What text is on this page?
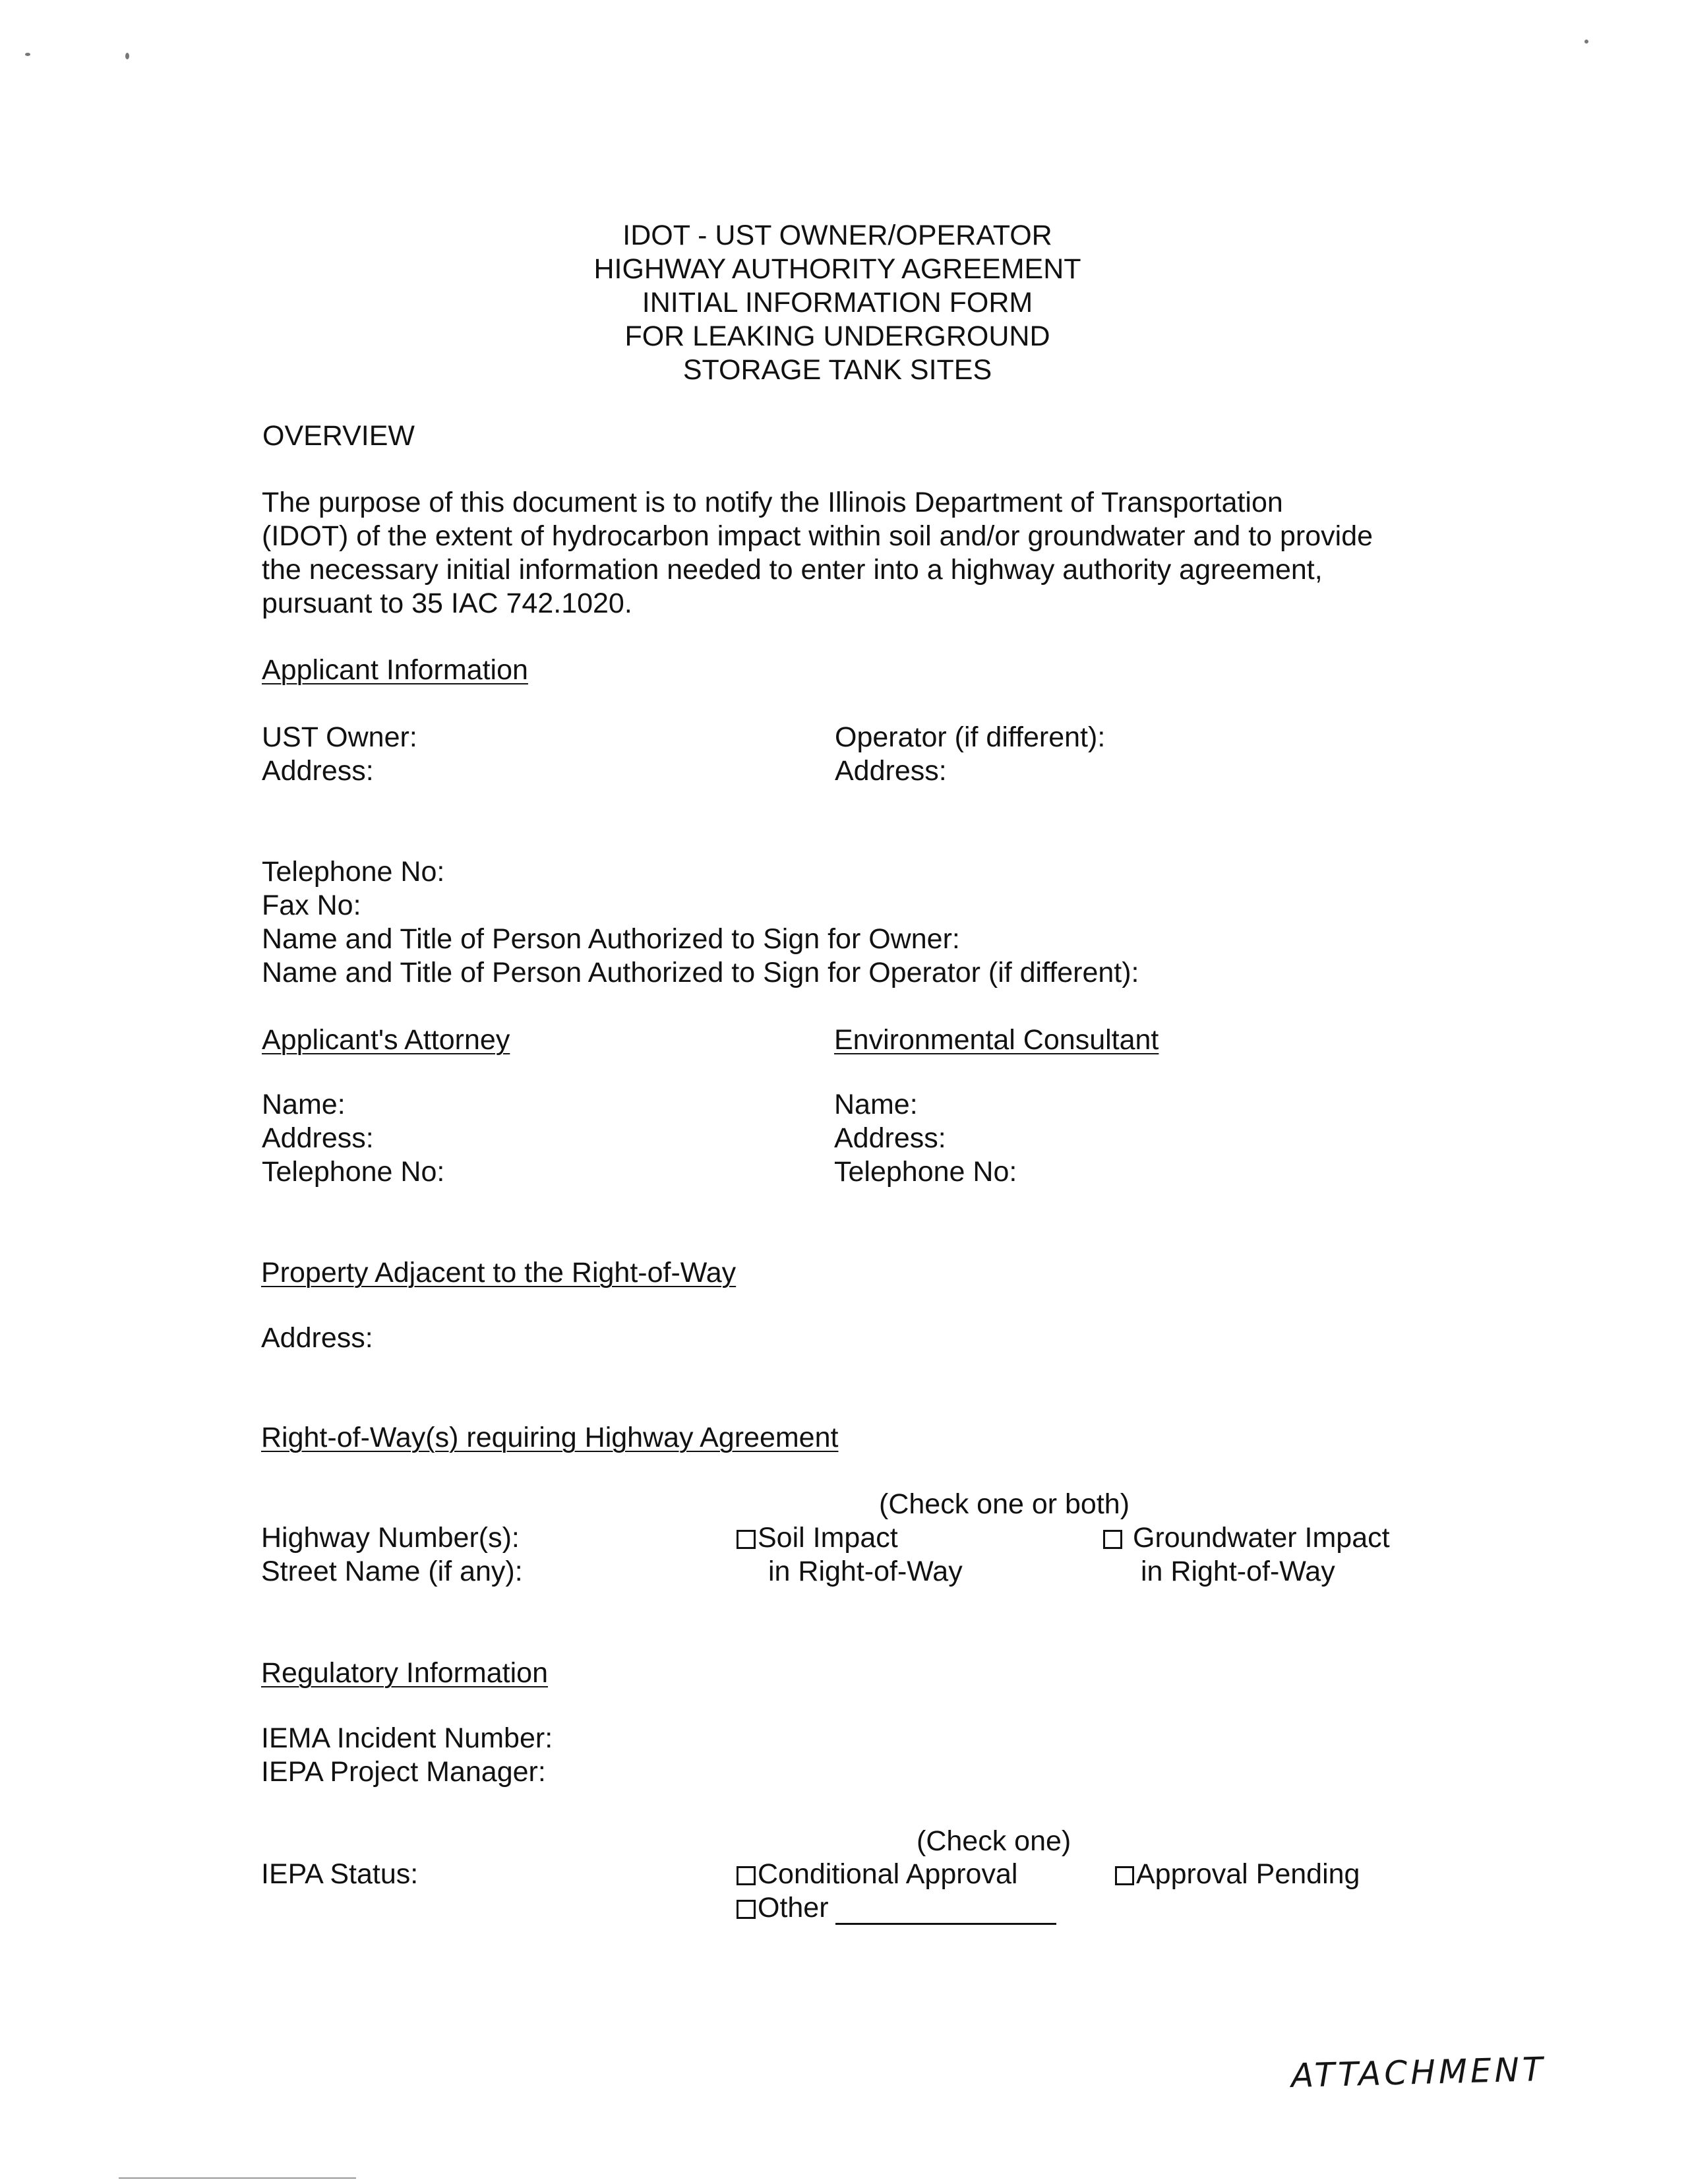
IDOT - UST OWNER/OPERATOR
HIGHWAY AUTHORITY AGREEMENT
INITIAL INFORMATION FORM
FOR LEAKING UNDERGROUND
STORAGE TANK SITES
OVERVIEW
The purpose of this document is to notify the Illinois Department of Transportation
(IDOT) of the extent of hydrocarbon impact within soil and/or groundwater and to provide
the necessary initial information needed to enter into a highway authority agreement,
pursuant to 35 IAC 742.1020.
Applicant Information
UST Owner:
Address:
Operator (if different):
Address:
Telephone No:
Fax No:
Name and Title of Person Authorized to Sign for Owner:
Name and Title of Person Authorized to Sign for Operator (if different):
Applicant's Attorney	Environmental Consultant
Name:
Address:
Telephone No:
Name:
Address:
Telephone No:
Property Adjacent to the Right-of-Way
Address:
Right-of-Way(s) requiring Highway Agreement
(Check one or both)
Highway Number(s):
Street Name (if any):
Soil Impact
in Right-of-Way
Groundwater Impact
in Right-of-Way
Regulatory Information
IEMA Incident Number:
IEPA Project Manager:
(Check one)
IEPA Status:	Conditional Approval
Other
Approval Pending
ATTACHMENT
